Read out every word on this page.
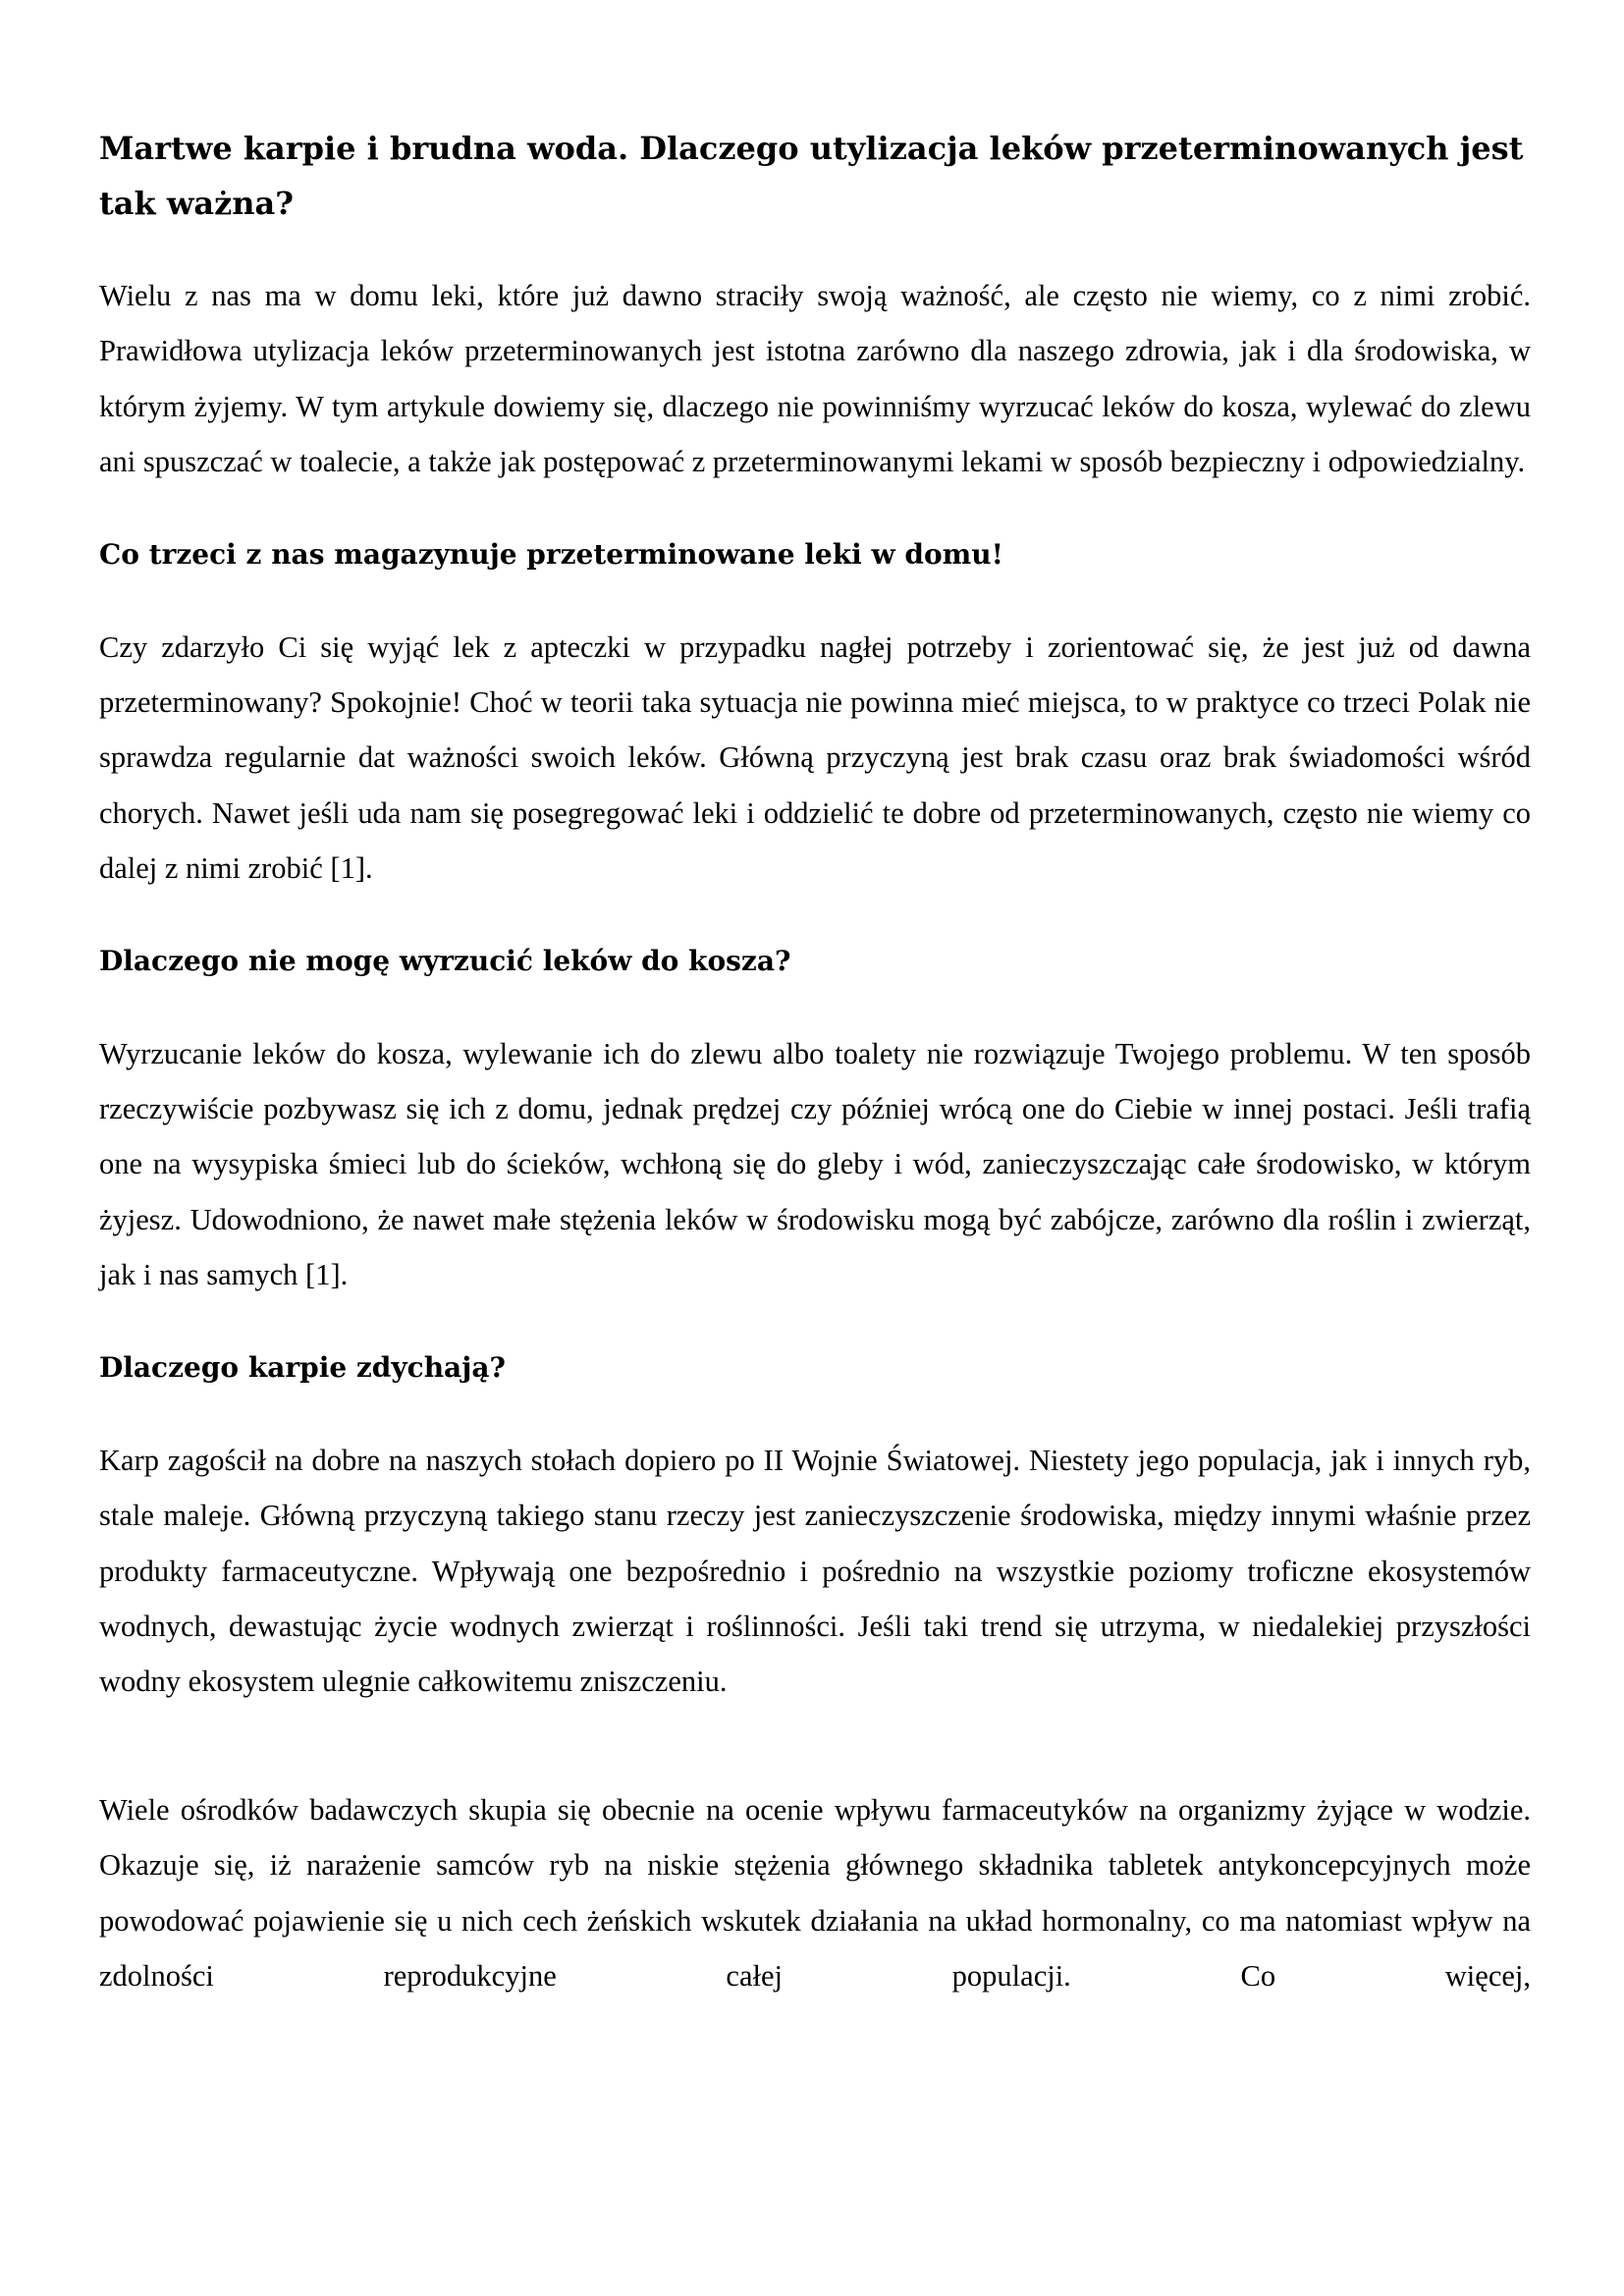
Martwe karpie i brudna woda. Dlaczego utylizacja leków przeterminowanych jest tak ważna?

Wielu z nas ma w domu leki, które już dawno straciły swoją ważność, ale często nie wiemy, co z nimi zrobić. Prawidłowa utylizacja leków przeterminowanych jest istotna zarówno dla naszego zdrowia, jak i dla środowiska, w którym żyjemy. W tym artykule dowiemy się, dlaczego nie powinniśmy wyrzucać leków do kosza, wylewać do zlewu ani spuszczać w toalecie, a także jak postępować z przeterminowanymi lekami w sposób bezpieczny i odpowiedzialny.

Co trzeci z nas magazynuje przeterminowane leki w domu!

Czy zdarzyło Ci się wyjąć lek z apteczki w przypadku nagłej potrzeby i zorientować się, że jest już od dawna przeterminowany? Spokojnie! Choć w teorii taka sytuacja nie powinna mieć miejsca, to w praktyce co trzeci Polak nie sprawdza regularnie dat ważności swoich leków. Główną przyczyną jest brak czasu oraz brak świadomości wśród chorych. Nawet jeśli uda nam się posegregować leki i oddzielić te dobre od przeterminowanych, często nie wiemy co dalej z nimi zrobić [1].

Dlaczego nie mogę wyrzucić leków do kosza?

Wyrzucanie leków do kosza, wylewanie ich do zlewu albo toalety nie rozwiązuje Twojego problemu. W ten sposób rzeczywiście pozbywasz się ich z domu, jednak prędzej czy później wrócą one do Ciebie w innej postaci. Jeśli trafią one na wysypiska śmieci lub do ścieków, wchłoną się do gleby i wód, zanieczyszczając całe środowisko, w którym żyjesz. Udowodniono, że nawet małe stężenia leków w środowisku mogą być zabójcze, zarówno dla roślin i zwierząt, jak i nas samych [1].

Dlaczego karpie zdychają?

Karp zagościł na dobre na naszych stołach dopiero po II Wojnie Światowej. Niestety jego populacja, jak i innych ryb, stale maleje. Główną przyczyną takiego stanu rzeczy jest zanieczyszczenie środowiska, między innymi właśnie przez produkty farmaceutyczne. Wpływają one bezpośrednio i pośrednio na wszystkie poziomy troficzne ekosystemów wodnych, dewastując życie wodnych zwierząt i roślinności. Jeśli taki trend się utrzyma, w niedalekiej przyszłości wodny ekosystem ulegnie całkowitemu zniszczeniu.

Wiele ośrodków badawczych skupia się obecnie na ocenie wpływu farmaceutyków na organizmy żyjące w wodzie. Okazuje się, iż narażenie samców ryb na niskie stężenia głównego składnika tabletek antykoncepcyjnych może powodować pojawienie się u nich cech żeńskich wskutek działania na układ hormonalny, co ma natomiast wpływ na zdolności reprodukcyjne całej populacji. Co więcej,
